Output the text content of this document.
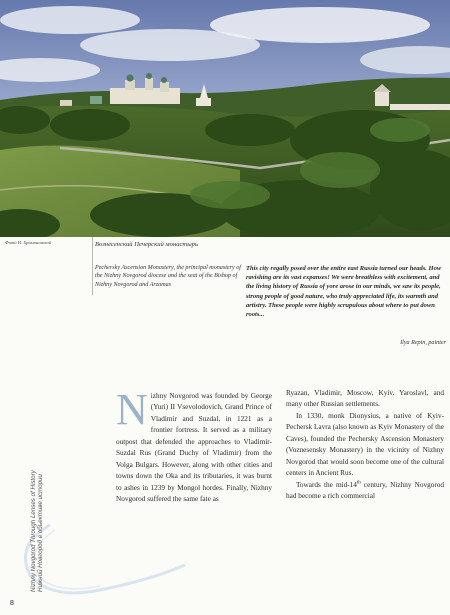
Фото Н. Храмоновской	Вознесенский Печерский монастырь
Pechersky Ascension Monastery, the principal monastery of the Nizhny Novgorod diocese and the seat of the Bishop of Nizhny Novgorod and Arzamas
This city regally posed over the entire east Russia turned our heads. How ravishing are its vast expanses! We were breathless with excitement, and the living history of Russia of yore arose in our minds, we saw its people, strong people of good nature, who truly appreciated life, its warmth and artistry. These people were highly scrupulous about where to put down roots...
Ilya Repin, painter
Nizhny Novgorod Through Lenses of History Нижний Новгород в объективе истории
8

Nizhny Novgorod was founded by George (Yuri) II Vsevolodovich, Grand Prince of Vladimir and Suzdal, in 1221 as a frontier fortress. It served as a military outpost that defended the approaches to Vladimir-Suzdal Rus (Grand Duchy of Vladimir) from the Volga Bulgars. However, along with other cities and towns down the Oka and its tributaries, it was burnt to ashes in 1239 by Mongol hordes. Finally, Nizhny Novgorod suffered the same fate as

Ryazan, Vladimir, Moscow, Kyiv, Yaroslavl, and many other Russian settlements.

In 1330, monk Dionysius, a native of Kyiv-Pechersk Lavra (also known as Kyiv Monastery of the Caves), founded the Pechersky Ascension Monastery (Voznesensky Monastery) in the vicinity of Nizhny Novgorod that would soon become one of the cultural centers in Ancient Rus.

Towards the mid-14th century, Nizhny Novgorod had become a rich commercial
